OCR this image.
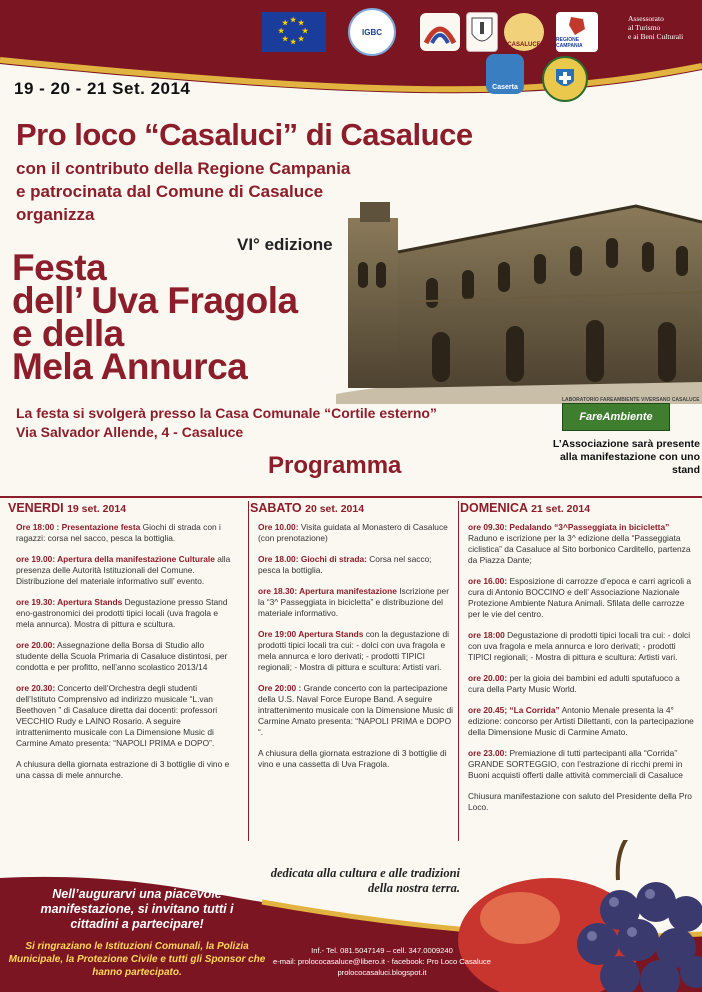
★ ★
★
★
★
★
★
★
IGBC
CASALUCE
REGIONE CAMPANIA
Assessorato
al Turismo
e ai Beni Culturali
Caserta
19 - 20 - 21 Set. 2014
Pro loco “Casaluci” di Casaluce
con il contributo della Regione Campania
e patrocinata dal Comune di Casaluce
organizza
VI° edizione
Festa
dell’ Uva Fragola
e della
Mela Annurca
La festa si svolgerà presso la Casa Comunale “Cortile esterno”
Via Salvador Allende, 4 - Casaluce
LABORATORIO FAREAMBIENTE VIVERSANO CASALUCE
FareAmbiente
L’Associazione sarà presente
alla manifestazione con uno stand
Programma
VENERDI 19 set. 2014
Ore 18:00 : Presentazione festa Giochi di strada con i ragazzi: corsa nel sacco, pesca la bottiglia.
ore 19.00: Apertura della manifestazione Culturale alla presenza delle Autorità Istituzionali del Comune. Distribuzione del materiale informativo sull’ evento.
ore 19.30: Apertura Stands Degustazione presso Stand eno-gastronomici dei prodotti tipici locali (uva fragola e mela annurca). Mostra di pittura e scultura.
ore 20.00: Assegnazione della Borsa di Studio allo studente della Scuola Primaria di Casaluce distintosi, per condotta e per profitto, nell’anno scolastico 2013/14
ore 20.30: Concerto dell’Orchestra degli studenti dell’Istituto Comprensivo ad indirizzo musicale “L.van Beethoven ” di Casaluce diretta dai docenti: professori VECCHIO Rudy e LAINO Rosario. A seguire intrattenimento musicale con La Dimensione Music di Carmine Amato presenta: “NAPOLI PRIMA e DOPO”.
A chiusura della giornata estrazione di 3 bottiglie di vino e una cassa di mele annurche.
SABATO 20 set. 2014
Ore 10.00: Visita guidata al Monastero di Casaluce (con prenotazione)
Ore 18.00: Giochi di strada: Corsa nel sacco; pesca la bottiglia.
ore 18.30: Apertura manifestazione Iscrizione per la “3^ Passeggiata in bicicletta” e distribuzione del materiale informativo.
Ore 19:00 Apertura Stands con la degustazione di prodotti tipici locali tra cui: - dolci con uva fragola e mela annurca e loro derivati; - prodotti TIPICI regionali; - Mostra di pittura e scultura: Artisti vari.
Ore 20:00 : Grande concerto con la partecipazione della U.S. Naval Force Europe Band. A seguire intrattenimento musicale con la Dimensione Music di Carmine Amato presenta: “NAPOLI PRIMA e DOPO “.
A chiusura della giornata estrazione di 3 bottiglie di vino e una cassetta di Uva Fragola.
DOMENICA 21 set. 2014
ore 09.30: Pedalando “3^Passeggiata in bicicletta” Raduno e iscrizione per la 3^ edizione della “Passeggiata ciclistica” da Casaluce al Sito borbonico Carditello, partenza da Piazza Dante;
ore 16.00: Esposizione di carrozze d’epoca e carri agricoli a cura di Antonio BOCCINO e dell’ Associazione Nazionale Protezione Ambiente Natura Animali. Sfilata delle carrozze per le vie del centro.
ore 18:00 Degustazione di prodotti tipici locali tra cui: - dolci con uva fragola e mela annurca e loro derivati; - prodotti TIPICI regionali; - Mostra di pittura e scultura: Artisti vari.
ore 20.00: per la gioia dei bambini ed adulti sputafuoco a cura della Party Music World.
ore 20.45; “La Corrida” Antonio Menale presenta la 4° edizione: concorso per Artisti Dilettanti, con la partecipazione della Dimensione Music di Carmine Amato.
ore 23.00: Premiazione di tutti partecipanti alla “Corrida” GRANDE SORTEGGIO, con l’estrazione di ricchi premi in Buoni acquisti offerti dalle attività commerciali di Casaluce
Chiusura manifestazione con saluto del Presidente della Pro Loco.
dedicata alla cultura e alle tradizioni
della nostra terra.
Nell’augurarvi una piacevole manifestazione, si invitano tutti i cittadini a partecipare!
Si ringraziano le Istituzioni Comunali, la Polizia Municipale, la Protezione Civile e tutti gli Sponsor che hanno partecipato.
Inf.- Tel. 081.5047149 – cell. 347.0009240
e-mail: prolococasaluce@libero.it - facebook: Pro Loco Casaluce
prolococasaluci.blogspot.it
